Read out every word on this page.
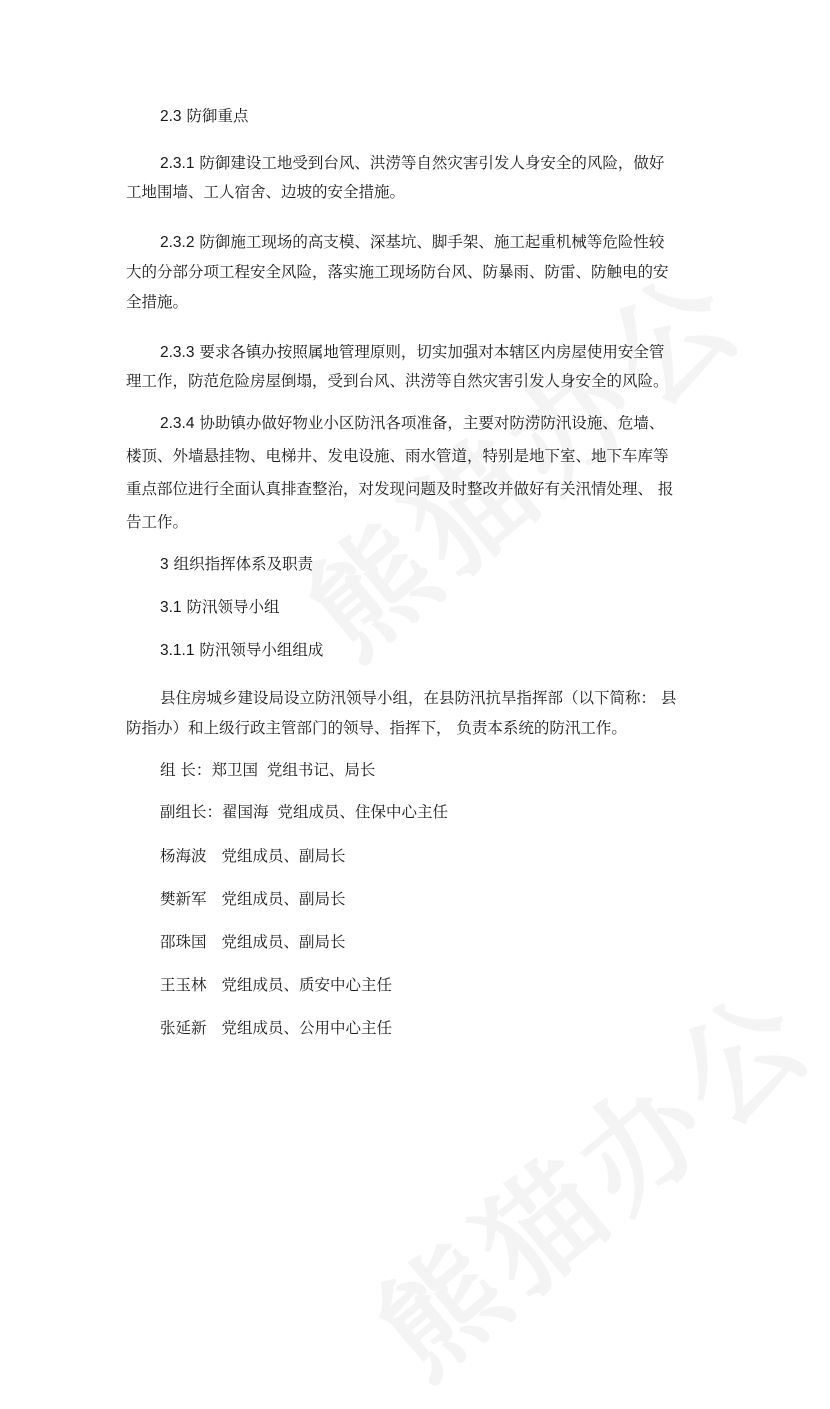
2.3 防御重点
2.3.1 防御建设工地受到台风、洪涝等自然灾害引发人身安全的风险，做好
工地围墙、工人宿舍、边坡的安全措施。
2.3.2 防御施工现场的高支模、深基坑、脚手架、施工起重机械等危险性较
大的分部分项工程安全风险，落实施工现场防台风、防暴雨、防雷、防触电的安
全措施。
2.3.3 要求各镇办按照属地管理原则，切实加强对本辖区内房屋使用安全管
理工作，防范危险房屋倒塌，受到台风、洪涝等自然灾害引发人身安全的风险。
2.3.4 协助镇办做好物业小区防汛各项准备，主要对防涝防汛设施、危墙、
楼顶、外墙悬挂物、电梯井、发电设施、雨水管道，特别是地下室、地下车库等
重点部位进行全面认真排查整治，对发现问题及时整改并做好有关汛情处理、 报
告工作。
3 组织指挥体系及职责
3.1 防汛领导小组
3.1.1 防汛领导小组组成
县住房城乡建设局设立防汛领导小组，在县防汛抗旱指挥部（以下简称： 县
防指办）和上级行政主管部门的领导、指挥下， 负责本系统的防汛工作。
组 长：郑卫国 党组书记、局长
副组长：翟国海 党组成员、住保中心主任
杨海波 党组成员、副局长
樊新军 党组成员、副局长
邵珠国 党组成员、副局长
王玉林 党组成员、质安中心主任
张延新 党组成员、公用中心主任
